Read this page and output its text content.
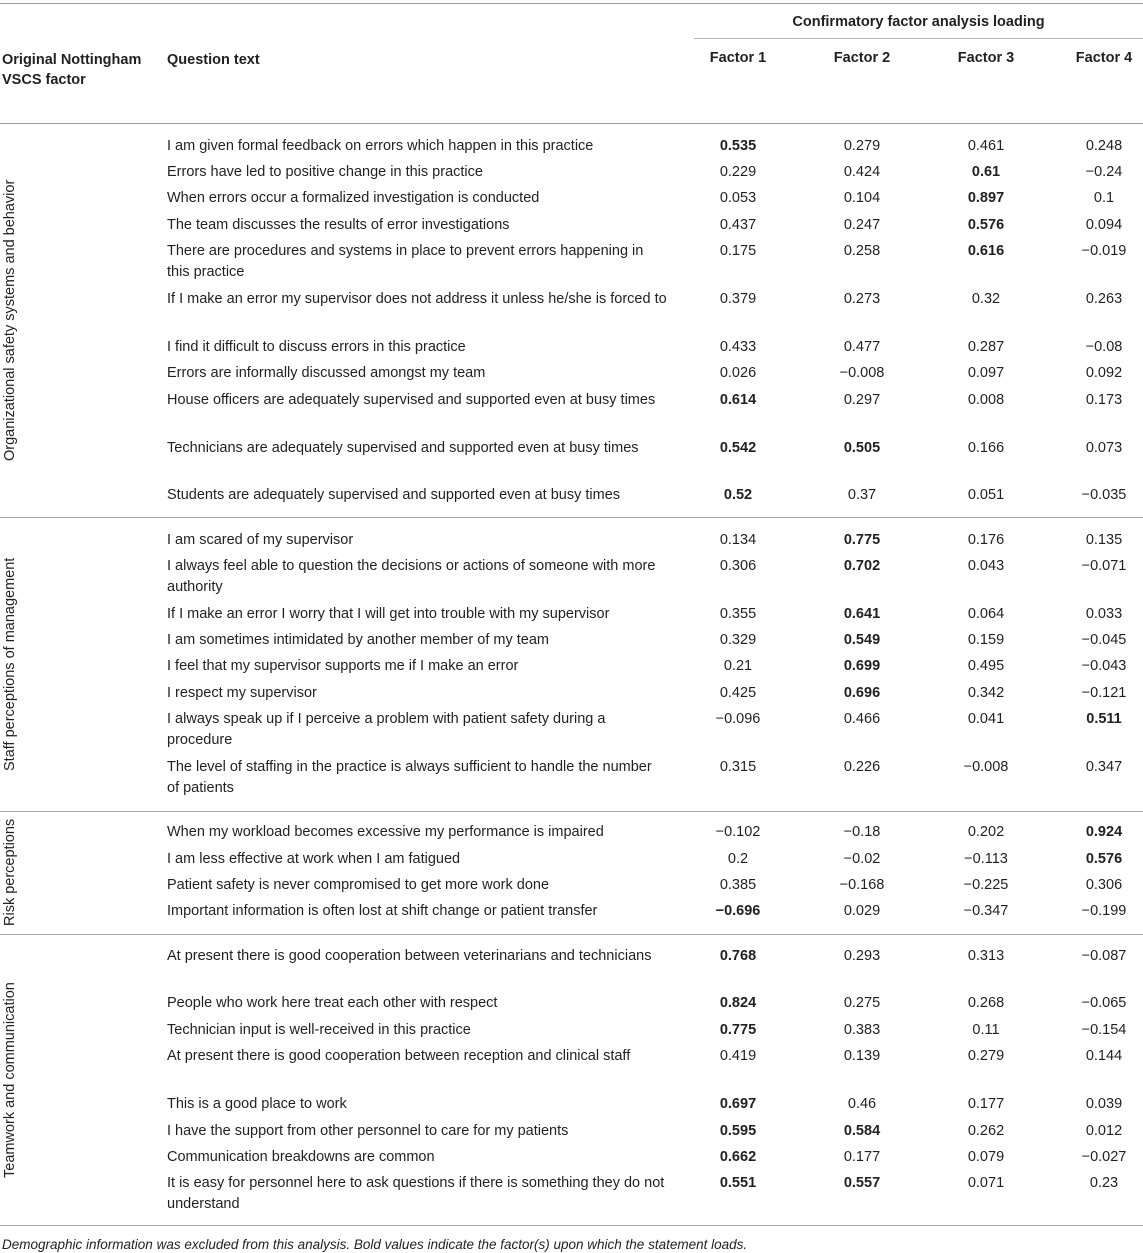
Confirmatory factor analysis loading
Original Nottingham VSCS factor
Question text	Factor 1	Factor 2	Factor 3	Factor 4
Organizational safety systems and behavior
I am given formal feedback on errors which happen in this practice	0.535	0.279	0.461	0.248
Errors have led to positive change in this practice	0.229	0.424	0.61	−0.24
When errors occur a formalized investigation is conducted	0.053	0.104	0.897	0.1
The team discusses the results of error investigations	0.437	0.247	0.576	0.094
There are procedures and systems in place to prevent errors happening in this practice
0.175	0.258	0.616	−0.019
If I make an error my supervisor does not address it unless he/she is forced to	0.379	0.273	0.32	0.263
I find it difficult to discuss errors in this practice	0.433	0.477	0.287	−0.08
Errors are informally discussed amongst my team	0.026	−0.008	0.097	0.092
House officers are adequately supervised and supported even at busy times	0.614	0.297	0.008	0.173
Technicians are adequately supervised and supported even at busy times	0.542	0.505	0.166	0.073
Students are adequately supervised and supported even at busy times	0.52	0.37	0.051	−0.035
Staff perceptions of management
I am scared of my supervisor	0.134	0.775	0.176	0.135
I always feel able to question the decisions or actions of someone with more authority
0.306	0.702	0.043	−0.071
If I make an error I worry that I will get into trouble with my supervisor	0.355	0.641	0.064	0.033
I am sometimes intimidated by another member of my team	0.329	0.549	0.159	−0.045
I feel that my supervisor supports me if I make an error	0.21	0.699	0.495	−0.043
I respect my supervisor	0.425	0.696	0.342	−0.121
I always speak up if I perceive a problem with patient safety during a procedure
−0.096	0.466	0.041	0.511
The level of staffing in the practice is always sufficient to handle the number of patients
0.315	0.226	−0.008	0.347
Risk perceptions	When my workload becomes excessive my performance is impaired	−0.102	−0.18	0.202	0.924
I am less effective at work when I am fatigued	0.2	−0.02	−0.113	0.576
Patient safety is never compromised to get more work done	0.385	−0.168	−0.225	0.306
Important information is often lost at shift change or patient transfer	−0.696	0.029	−0.347	−0.199
Teamwork and communication
At present there is good cooperation between veterinarians and technicians	0.768	0.293	0.313	−0.087
People who work here treat each other with respect	0.824	0.275	0.268	−0.065
Technician input is well-received in this practice	0.775	0.383	0.11	−0.154
At present there is good cooperation between reception and clinical staff	0.419	0.139	0.279	0.144
This is a good place to work	0.697	0.46	0.177	0.039
I have the support from other personnel to care for my patients	0.595	0.584	0.262	0.012
Communication breakdowns are common	0.662	0.177	0.079	−0.027
It is easy for personnel here to ask questions if there is something they do not understand
0.551	0.557	0.071	0.23
Demographic information was excluded from this analysis. Bold values indicate the factor(s) upon which the statement loads.
